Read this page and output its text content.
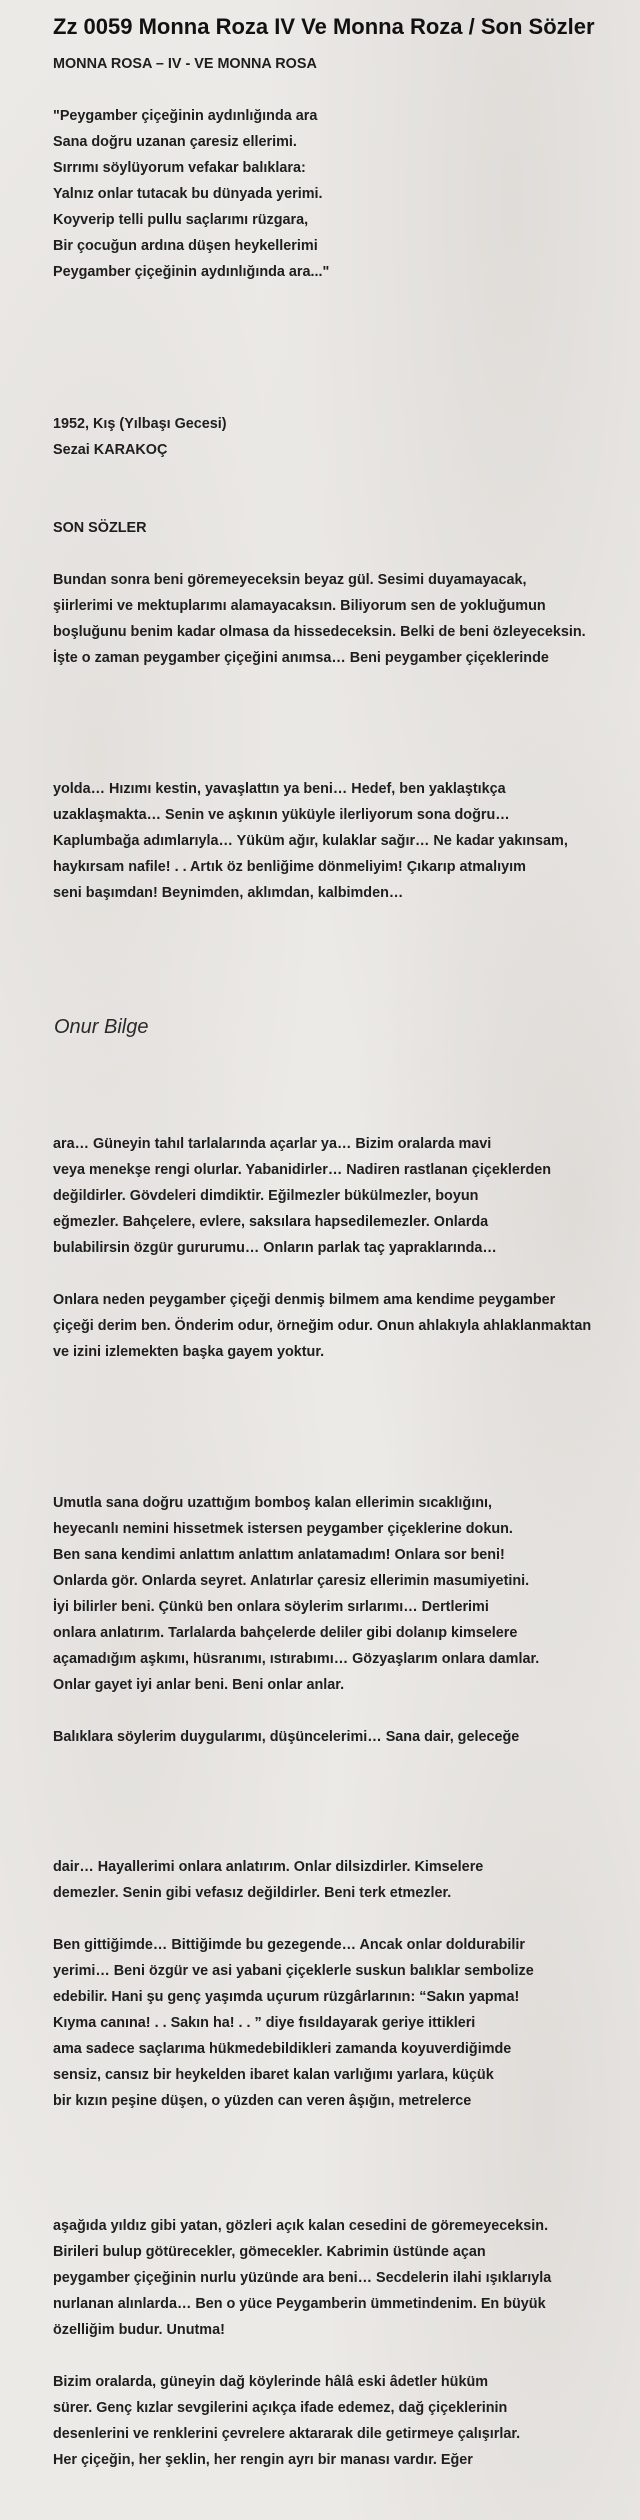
Zz 0059 Monna Roza IV Ve Monna Roza / Son Sözler
MONNA ROSA – IV - VE MONNA ROSA
"Peygamber çiçeğinin aydınlığında ara
Sana doğru uzanan çaresiz ellerimi.
Sırrımı söylüyorum vefakar balıklara:
Yalnız onlar tutacak bu dünyada yerimi.
Koyverip telli pullu saçlarımı rüzgara,
Bir çocuğun ardına düşen heykellerimi
Peygamber çiçeğinin aydınlığında ara..."
1952, Kış (Yılbaşı Gecesi)
Sezai KARAKOÇ
SON SÖZLER
Bundan sonra beni göremeyeceksin beyaz gül. Sesimi duyamayacak,
şiirlerimi ve mektuplarımı alamayacaksın. Biliyorum sen de yokluğumun
boşluğunu benim kadar olmasa da hissedeceksin. Belki de beni özleyeceksin.
İşte o zaman peygamber çiçeğini anımsa… Beni peygamber çiçeklerinde
yolda… Hızımı kestin, yavaşlattın ya beni… Hedef, ben yaklaştıkça
uzaklaşmakta… Senin ve aşkının yüküyle ilerliyorum sona doğru…
Kaplumbağa adımlarıyla… Yüküm ağır, kulaklar sağır… Ne kadar yakınsam,
haykırsam nafile! . . Artık öz benliğime dönmeliyim! Çıkarıp atmalıyım
seni başımdan! Beynimden, aklımdan, kalbimden…
Onur Bilge
ara… Güneyin tahıl tarlalarında açarlar ya… Bizim oralarda mavi
veya menekşe rengi olurlar. Yabanidirler… Nadiren rastlanan çiçeklerden
değildirler. Gövdeleri dimdiktir. Eğilmezler bükülmezler, boyun
eğmezler. Bahçelere, evlere, saksılara hapsedilemezler. Onlarda
bulabilirsin özgür gururumu… Onların parlak taç yapraklarında…
Onlara neden peygamber çiçeği denmiş bilmem ama kendime peygamber
çiçeği derim ben. Önderim odur, örneğim odur. Onun ahlakıyla ahlaklanmaktan
ve izini izlemekten başka gayem yoktur.
Umutla sana doğru uzattığım bomboş kalan ellerimin sıcaklığını,
heyecanlı nemini hissetmek istersen peygamber çiçeklerine dokun.
Ben sana kendimi anlattım anlattım anlatamadım! Onlara sor beni!
Onlarda gör. Onlarda seyret. Anlatırlar çaresiz ellerimin masumiyetini.
İyi bilirler beni. Çünkü ben onlara söylerim sırlarımı… Dertlerimi
onlara anlatırım. Tarlalarda bahçelerde deliler gibi dolanıp kimselere
açamadığım aşkımı, hüsranımı, ıstırabımı… Gözyaşlarım onlara damlar.
Onlar gayet iyi anlar beni. Beni onlar anlar.
Balıklara söylerim duygularımı, düşüncelerimi… Sana dair, geleceğe
dair… Hayallerimi onlara anlatırım. Onlar dilsizdirler. Kimselere
demezler. Senin gibi vefasız değildirler. Beni terk etmezler.
Ben gittiğimde… Bittiğimde bu gezegende… Ancak onlar doldurabilir
yerimi… Beni özgür ve asi yabani çiçeklerle suskun balıklar sembolize
edebilir. Hani şu genç yaşımda uçurum rüzgârlarının: “Sakın yapma!
Kıyma canına! . . Sakın ha! . . ” diye fısıldayarak geriye ittikleri
ama sadece saçlarıma hükmedebildikleri zamanda koyuverdiğimde
sensiz, cansız bir heykelden ibaret kalan varlığımı yarlara, küçük
bir kızın peşine düşen, o yüzden can veren âşığın, metrelerce
aşağıda yıldız gibi yatan, gözleri açık kalan cesedini de göremeyeceksin.
Birileri bulup götürecekler, gömecekler. Kabrimin üstünde açan
peygamber çiçeğinin nurlu yüzünde ara beni… Secdelerin ilahi ışıklarıyla
nurlanan alınlarda… Ben o yüce Peygamberin ümmetindenim. En büyük
özelliğim budur. Unutma!
Bizim oralarda, güneyin dağ köylerinde hâlâ eski âdetler hüküm
sürer. Genç kızlar sevgilerini açıkça ifade edemez, dağ çiçeklerinin
desenlerini ve renklerini çevrelere aktararak dile getirmeye çalışırlar.
Her çiçeğin, her şeklin, her rengin ayrı bir manası vardır. Eğer
